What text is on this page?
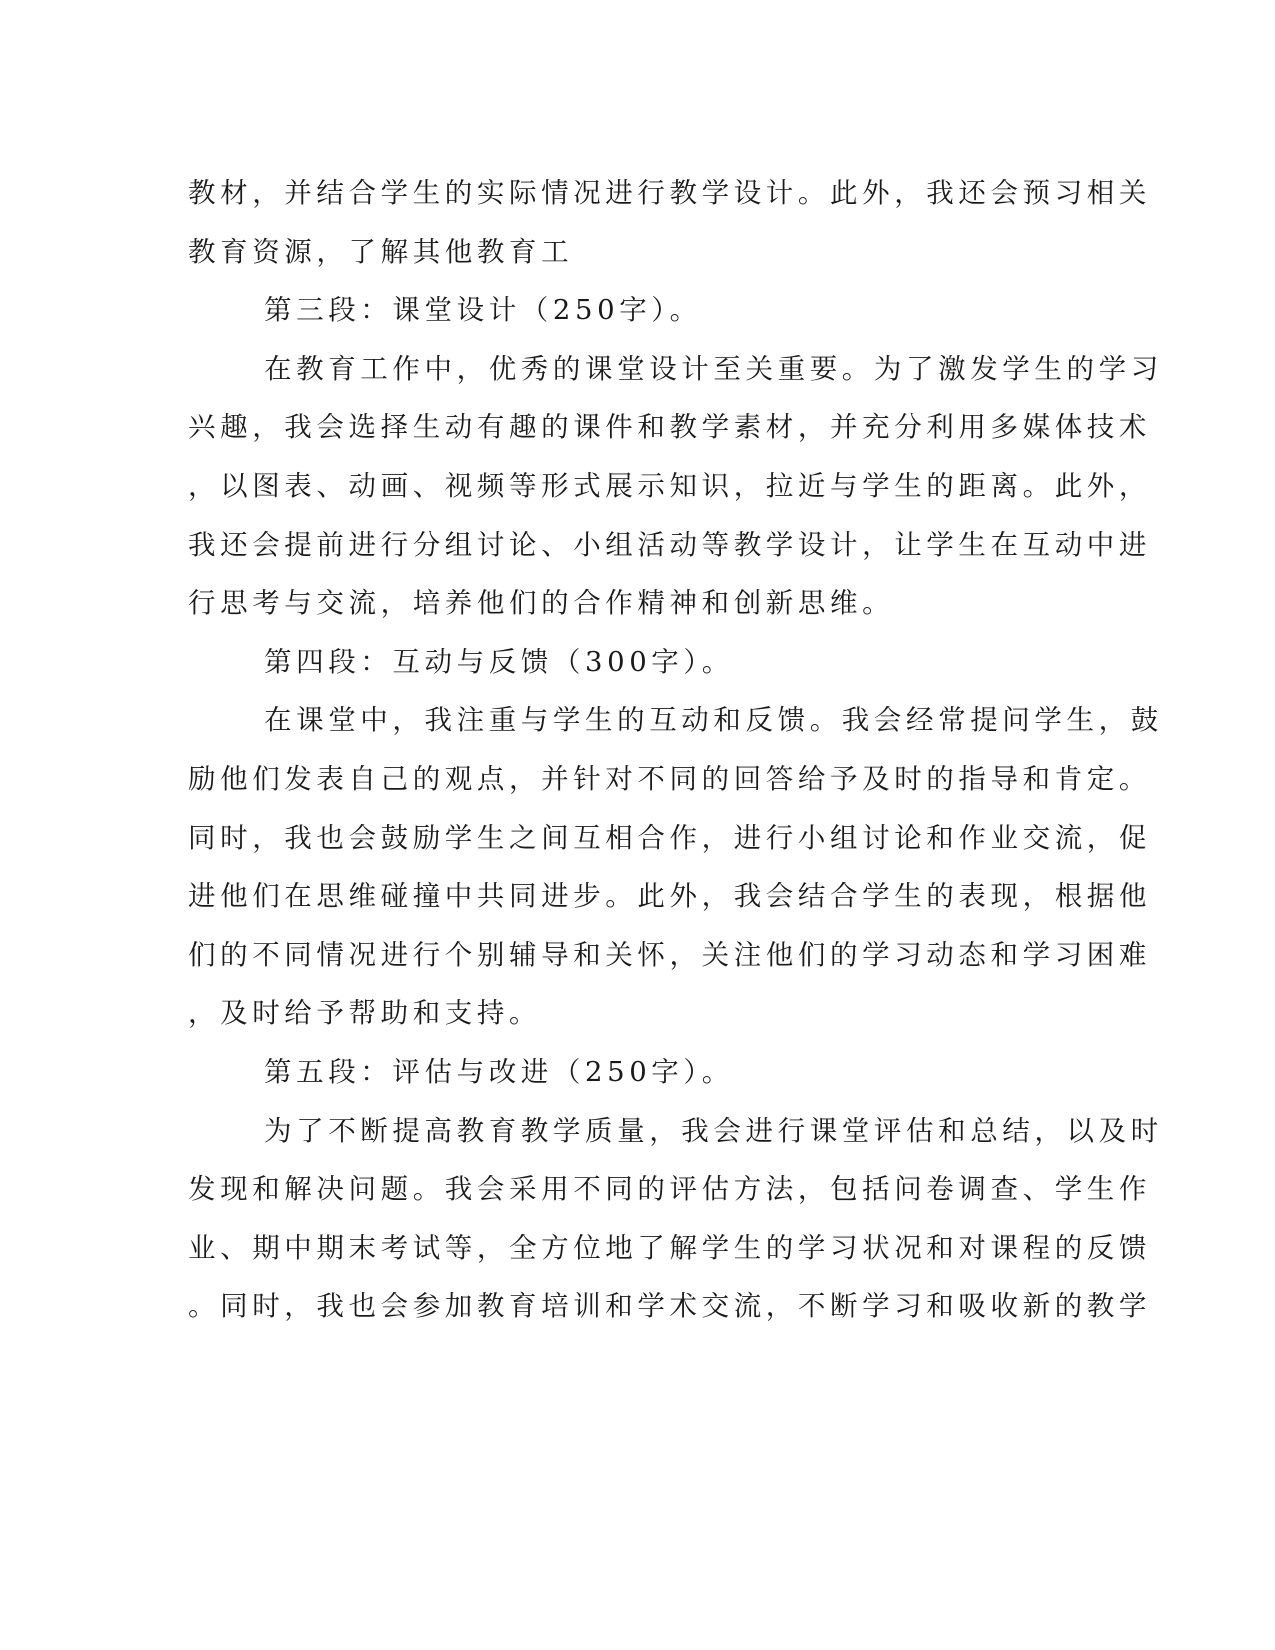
教材，并结合学生的实际情况进行教学设计。此外，我还会预习相关
教育资源，了解其他教育工
第三段：课堂设计（250字）。
在教育工作中，优秀的课堂设计至关重要。为了激发学生的学习
兴趣，我会选择生动有趣的课件和教学素材，并充分利用多媒体技术
，以图表、动画、视频等形式展示知识，拉近与学生的距离。此外，
我还会提前进行分组讨论、小组活动等教学设计，让学生在互动中进
行思考与交流，培养他们的合作精神和创新思维。
第四段：互动与反馈（300字）。
在课堂中，我注重与学生的互动和反馈。我会经常提问学生，鼓
励他们发表自己的观点，并针对不同的回答给予及时的指导和肯定。
同时，我也会鼓励学生之间互相合作，进行小组讨论和作业交流，促
进他们在思维碰撞中共同进步。此外，我会结合学生的表现，根据他
们的不同情况进行个别辅导和关怀，关注他们的学习动态和学习困难
，及时给予帮助和支持。
第五段：评估与改进（250字）。
为了不断提高教育教学质量，我会进行课堂评估和总结，以及时
发现和解决问题。我会采用不同的评估方法，包括问卷调查、学生作
业、期中期末考试等，全方位地了解学生的学习状况和对课程的反馈
。同时，我也会参加教育培训和学术交流，不断学习和吸收新的教学
